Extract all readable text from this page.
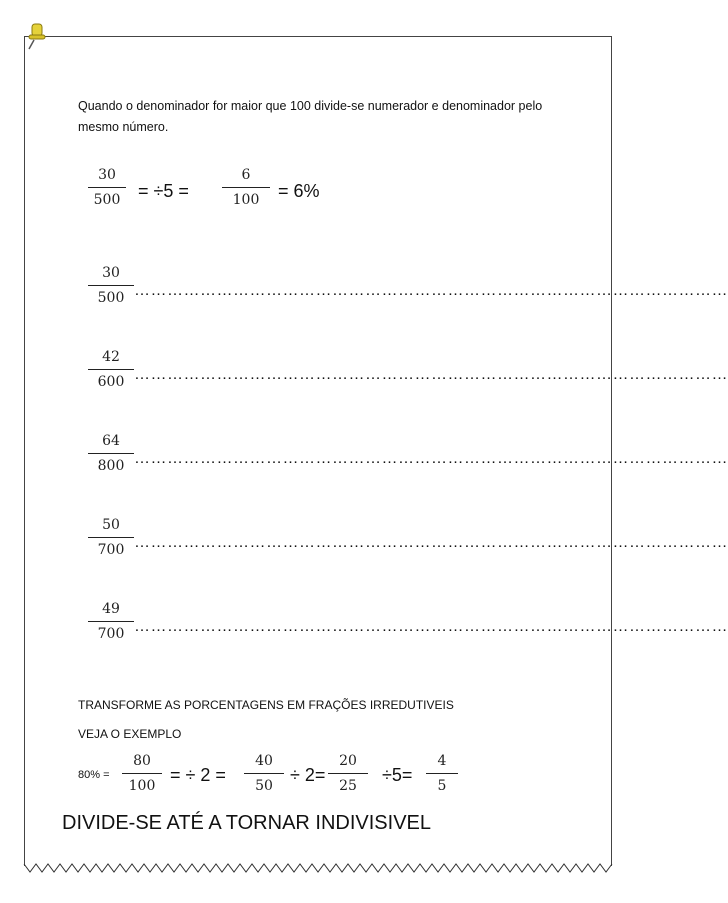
Quando o denominador for maior que 100 divide-se numerador e denominador pelo mesmo número.

30
500 = ÷5 =
6
100 = 6%
30
500 ………………………………………………………………………………………………
42
600 ………………………………………………………………………………………………
64
800 ………………………………………………………………………………………………
50
700 ………………………………………………………………………………………………
49
700 ………………………………………………………………………………………………
TRANSFORME AS PORCENTAGENS EM FRAÇÕES IRREDUTIVEIS
VEJA O EXEMPLO
80% =
80
100
= ÷ 2 =
40
50
÷ 2=
20
25
÷5=
4
5
DIVIDE-SE ATÉ A TORNAR INDIVISIVEL
